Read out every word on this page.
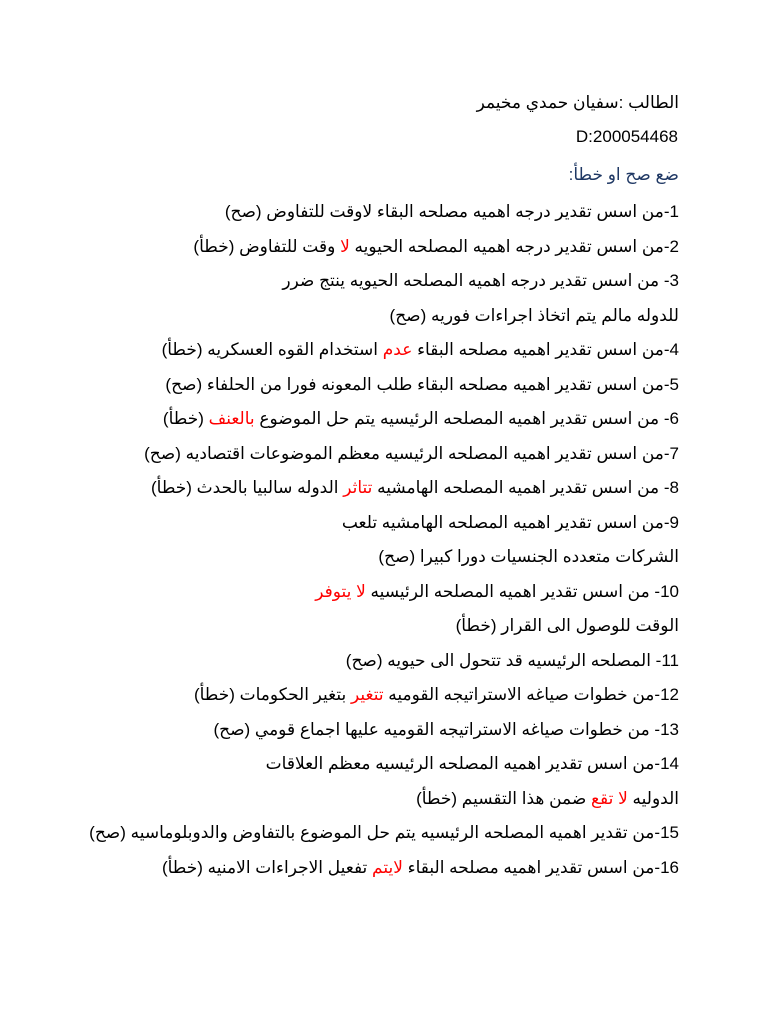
الطالب :سفيان حمدي مخيمر
D:200054468
ضع صح او خطأ:
1-من اسس تقدير درجه اهميه مصلحه البقاء لاوقت للتفاوض (صح)
2-من اسس تقدير درجه اهميه المصلحه الحيويه لا وقت للتفاوض (خطأ)
3- من اسس تقدير درجه اهميه المصلحه الحيويه ينتج ضرر
للدوله مالم يتم اتخاذ اجراءات فوريه (صح)
4-من اسس تقدير اهميه مصلحه البقاء عدم استخدام القوه العسكريه (خطأ)
5-من اسس تقدير اهميه مصلحه البقاء طلب المعونه فورا من الحلفاء (صح)
6- من اسس تقدير اهميه المصلحه الرئيسيه يتم حل الموضوع بالعنف (خطأ)
7-من اسس تقدير اهميه المصلحه الرئيسيه معظم الموضوعات اقتصاديه (صح)
8- من اسس تقدير اهميه المصلحه الهامشيه تتاثر الدوله سالبيا بالحدث (خطأ)
9-من اسس تقدير اهميه المصلحه الهامشيه تلعب
الشركات متعدده الجنسيات دورا كبيرا (صح)
10- من اسس تقدير اهميه المصلحه الرئيسيه لا يتوفر
الوقت للوصول الى القرار (خطأ)
11- المصلحه الرئيسيه قد تتحول الى حيويه (صح)
12-من خطوات صياغه الاستراتيجه القوميه تتغير بتغير الحكومات (خطأ)
13- من خطوات صياغه الاستراتيجه القوميه عليها اجماع قومي (صح)
14-من اسس تقدير اهميه المصلحه الرئيسيه معظم العلاقات
الدوليه لا تقع ضمن هذا التقسيم (خطأ)
15-من تقدير اهميه المصلحه الرئيسيه يتم حل الموضوع بالتفاوض والدوبلوماسيه (صح)
16-من اسس تقدير اهميه مصلحه البقاء لايتم تفعيل الاجراءات الامنيه (خطأ)
